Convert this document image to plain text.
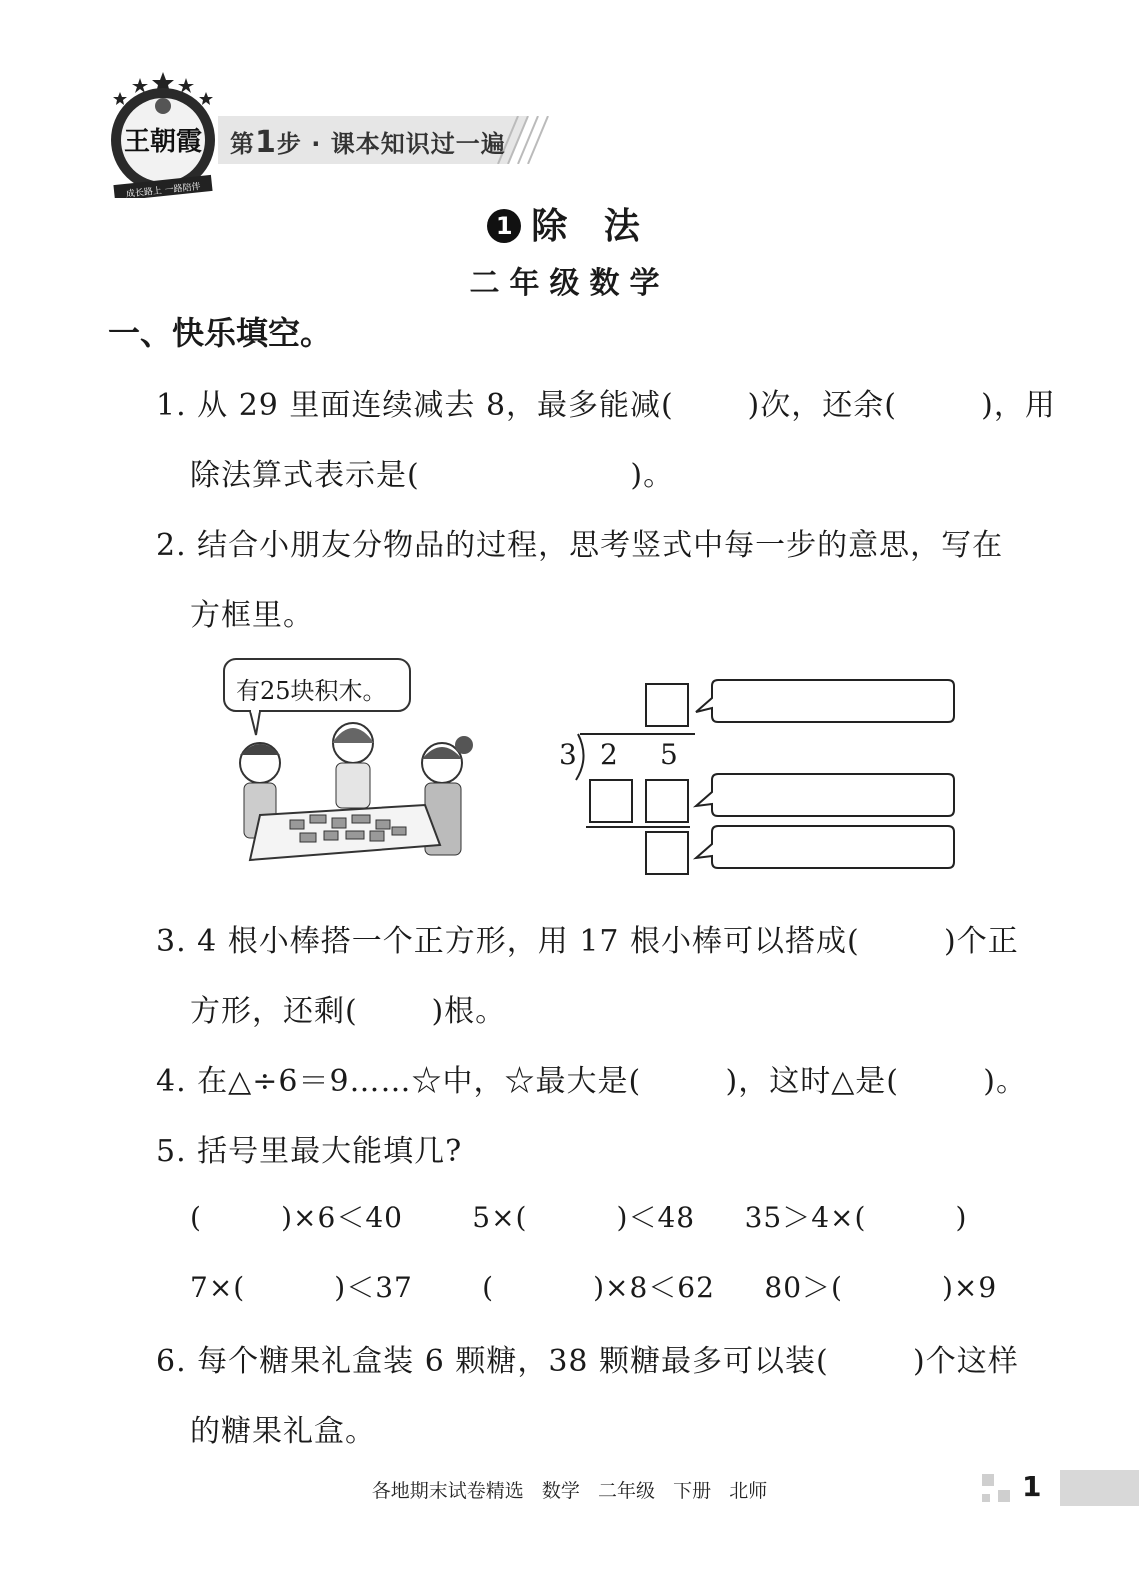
王朝霞
成长路上 一路陪伴
第1步 · 课本知识过一遍
1 除 法
二年级数学
一、快乐填空。
1. 从 29 里面连续减去 8，最多能减(       )次，还余(        )，用
除法算式表示是(                    )。
2. 结合小朋友分物品的过程，思考竖式中每一步的意思，写在
方框里。
有25块积木。
3 2 5
3. 4 根小棒搭一个正方形，用 17 根小棒可以搭成(        )个正
方形，还剩(       )根。
4. 在△÷6＝9……☆中，☆最大是(        )，这时△是(        )。
5. 括号里最大能填几?
(        )×6＜40       5×(         )＜48     35＞4×(         )
7×(         )＜37       (          )×8＜62     80＞(          )×9
6. 每个糖果礼盒装 6 颗糖，38 颗糖最多可以装(        )个这样
的糖果礼盒。
各地期末试卷精选   数学   二年级   下册   北师	1
